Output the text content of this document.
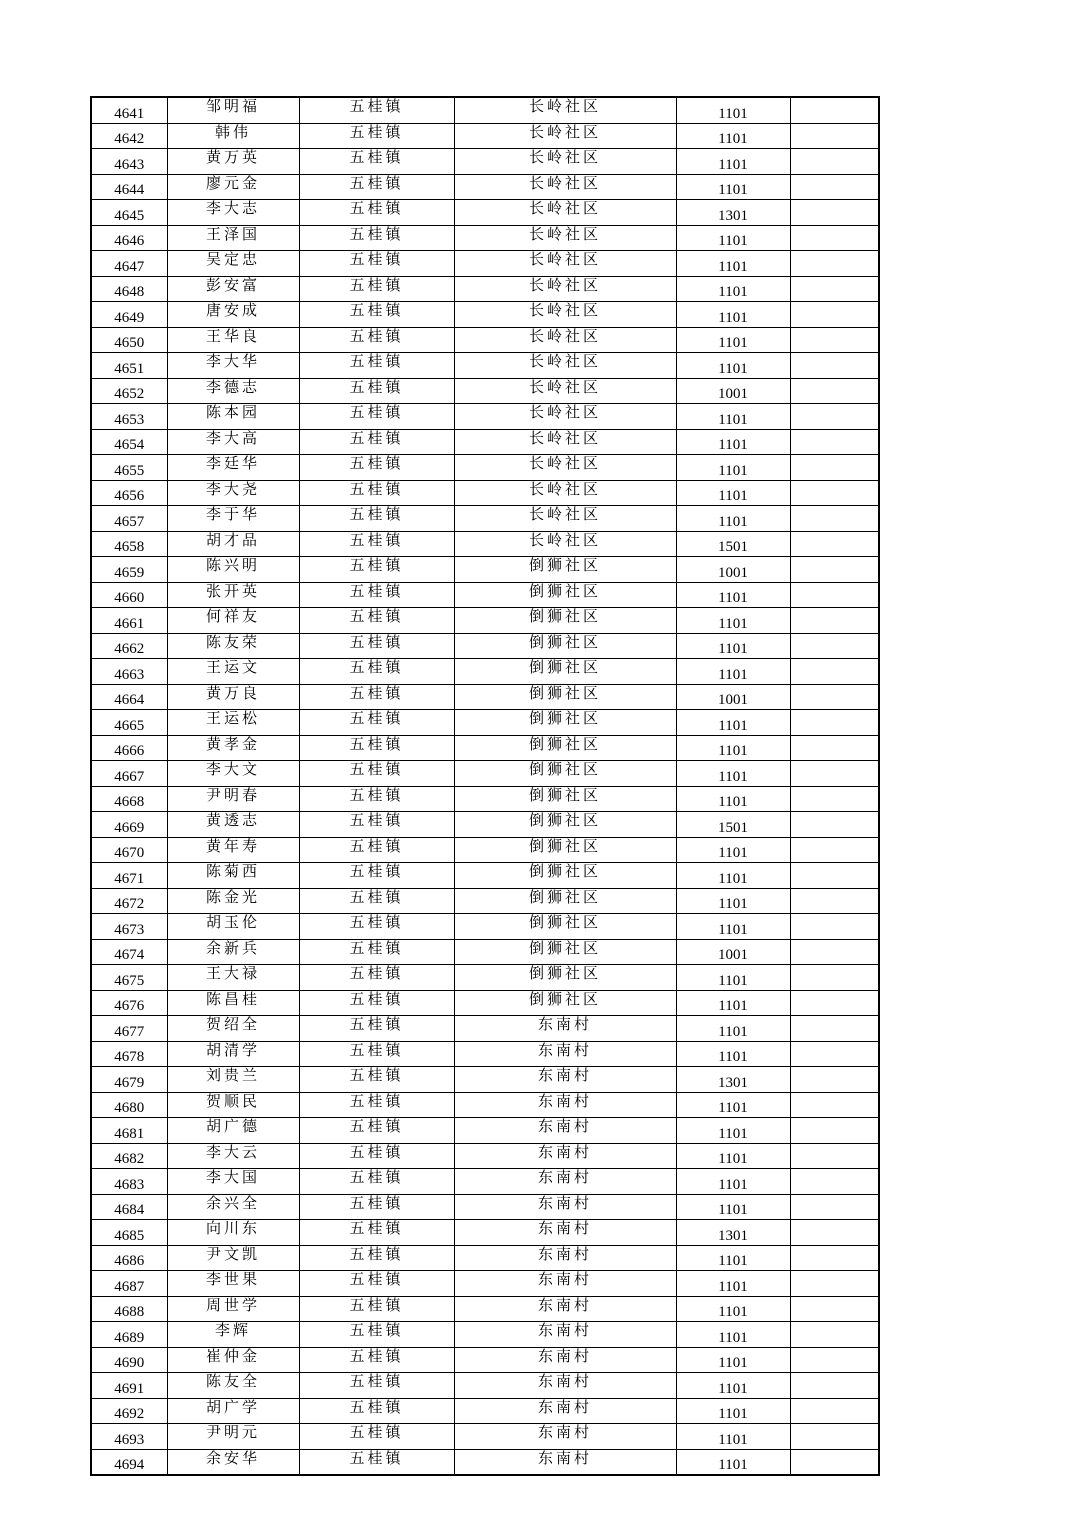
4641	邹明福	五桂镇	长岭社区	1101	
4642	韩伟	五桂镇	长岭社区	1101	
4643	黄万英	五桂镇	长岭社区	1101	
4644	廖元金	五桂镇	长岭社区	1101	
4645	李大志	五桂镇	长岭社区	1301	
4646	王泽国	五桂镇	长岭社区	1101	
4647	吴定忠	五桂镇	长岭社区	1101	
4648	彭安富	五桂镇	长岭社区	1101	
4649	唐安成	五桂镇	长岭社区	1101	
4650	王华良	五桂镇	长岭社区	1101	
4651	李大华	五桂镇	长岭社区	1101	
4652	李德志	五桂镇	长岭社区	1001	
4653	陈本园	五桂镇	长岭社区	1101	
4654	李大高	五桂镇	长岭社区	1101	
4655	李廷华	五桂镇	长岭社区	1101	
4656	李大尧	五桂镇	长岭社区	1101	
4657	李于华	五桂镇	长岭社区	1101	
4658	胡才品	五桂镇	长岭社区	1501	
4659	陈兴明	五桂镇	倒狮社区	1001	
4660	张开英	五桂镇	倒狮社区	1101	
4661	何祥友	五桂镇	倒狮社区	1101	
4662	陈友荣	五桂镇	倒狮社区	1101	
4663	王运文	五桂镇	倒狮社区	1101	
4664	黄万良	五桂镇	倒狮社区	1001	
4665	王运松	五桂镇	倒狮社区	1101	
4666	黄孝金	五桂镇	倒狮社区	1101	
4667	李大文	五桂镇	倒狮社区	1101	
4668	尹明春	五桂镇	倒狮社区	1101	
4669	黄透志	五桂镇	倒狮社区	1501	
4670	黄年寿	五桂镇	倒狮社区	1101	
4671	陈菊西	五桂镇	倒狮社区	1101	
4672	陈金光	五桂镇	倒狮社区	1101	
4673	胡玉伦	五桂镇	倒狮社区	1101	
4674	余新兵	五桂镇	倒狮社区	1001	
4675	王大禄	五桂镇	倒狮社区	1101	
4676	陈昌桂	五桂镇	倒狮社区	1101	
4677	贺绍全	五桂镇	东南村	1101	
4678	胡清学	五桂镇	东南村	1101	
4679	刘贵兰	五桂镇	东南村	1301	
4680	贺顺民	五桂镇	东南村	1101	
4681	胡广德	五桂镇	东南村	1101	
4682	李大云	五桂镇	东南村	1101	
4683	李大国	五桂镇	东南村	1101	
4684	余兴全	五桂镇	东南村	1101	
4685	向川东	五桂镇	东南村	1301	
4686	尹文凯	五桂镇	东南村	1101	
4687	李世果	五桂镇	东南村	1101	
4688	周世学	五桂镇	东南村	1101	
4689	李辉	五桂镇	东南村	1101	
4690	崔仲金	五桂镇	东南村	1101	
4691	陈友全	五桂镇	东南村	1101	
4692	胡广学	五桂镇	东南村	1101	
4693	尹明元	五桂镇	东南村	1101	
4694	余安华	五桂镇	东南村	1101	
